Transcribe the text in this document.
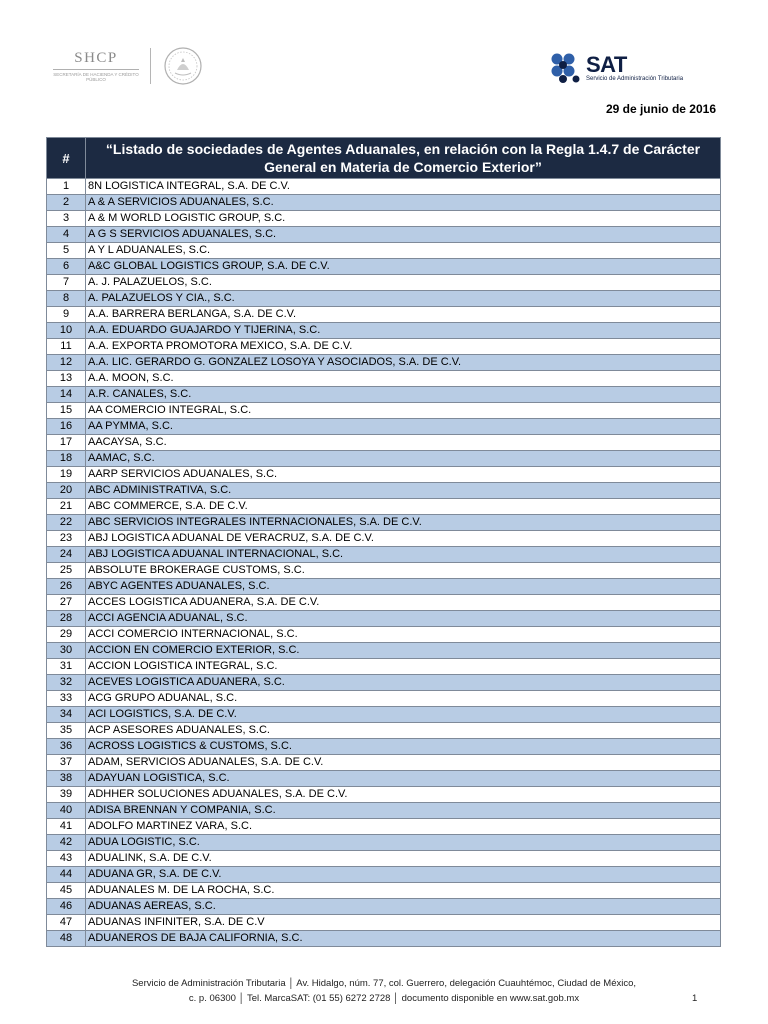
SHCP
SECRETARÍA DE HACIENDA Y CRÉDITO PÚBLICO
SAT
Servicio de Administración Tributaria
29 de junio de 2016
#	“Listado de sociedades de Agentes Aduanales, en relación con la Regla 1.4.7 de Carácter General en Materia de Comercio Exterior”
1	8N LOGISTICA INTEGRAL, S.A. DE C.V.
2	A & A SERVICIOS ADUANALES, S.C.
3	A & M WORLD LOGISTIC GROUP, S.C.
4	A G S SERVICIOS ADUANALES, S.C.
5	A Y L ADUANALES, S.C.
6	A&C GLOBAL LOGISTICS GROUP, S.A. DE C.V.
7	A. J. PALAZUELOS, S.C.
8	A. PALAZUELOS Y CIA., S.C.
9	A.A. BARRERA BERLANGA, S.A. DE C.V.
10	A.A. EDUARDO GUAJARDO Y TIJERINA, S.C.
11	A.A. EXPORTA PROMOTORA MEXICO, S.A. DE C.V.
12	A.A. LIC. GERARDO G. GONZALEZ LOSOYA Y ASOCIADOS, S.A. DE C.V.
13	A.A. MOON, S.C.
14	A.R. CANALES, S.C.
15	AA COMERCIO INTEGRAL, S.C.
16	AA PYMMA, S.C.
17	AACAYSA, S.C.
18	AAMAC, S.C.
19	AARP SERVICIOS ADUANALES, S.C.
20	ABC ADMINISTRATIVA, S.C.
21	ABC COMMERCE, S.A. DE C.V.
22	ABC SERVICIOS INTEGRALES INTERNACIONALES, S.A. DE C.V.
23	ABJ LOGISTICA ADUANAL DE VERACRUZ, S.A. DE C.V.
24	ABJ LOGISTICA ADUANAL INTERNACIONAL, S.C.
25	ABSOLUTE BROKERAGE CUSTOMS, S.C.
26	ABYC AGENTES ADUANALES, S.C.
27	ACCES LOGISTICA ADUANERA, S.A. DE C.V.
28	ACCI AGENCIA ADUANAL, S.C.
29	ACCI COMERCIO INTERNACIONAL, S.C.
30	ACCION EN COMERCIO EXTERIOR, S.C.
31	ACCION LOGISTICA INTEGRAL, S.C.
32	ACEVES LOGISTICA ADUANERA, S.C.
33	ACG GRUPO ADUANAL, S.C.
34	ACI LOGISTICS, S.A. DE C.V.
35	ACP ASESORES ADUANALES, S.C.
36	ACROSS LOGISTICS & CUSTOMS, S.C.
37	ADAM, SERVICIOS ADUANALES, S.A. DE C.V.
38	ADAYUAN LOGISTICA, S.C.
39	ADHHER SOLUCIONES ADUANALES, S.A. DE C.V.
40	ADISA BRENNAN Y COMPANIA, S.C.
41	ADOLFO MARTINEZ VARA, S.C.
42	ADUA LOGISTIC, S.C.
43	ADUALINK, S.A. DE C.V.
44	ADUANA GR, S.A. DE C.V.
45	ADUANALES M. DE LA ROCHA, S.C.
46	ADUANAS AEREAS, S.C.
47	ADUANAS INFINITER, S.A. DE C.V
48	ADUANEROS DE BAJA CALIFORNIA, S.C.
Servicio de Administración Tributaria │ Av. Hidalgo, núm. 77, col. Guerrero, delegación Cuauhtémoc, Ciudad de México,
c. p. 06300 │ Tel. MarcaSAT: (01 55) 6272 2728 │ documento disponible en www.sat.gob.mx	1
